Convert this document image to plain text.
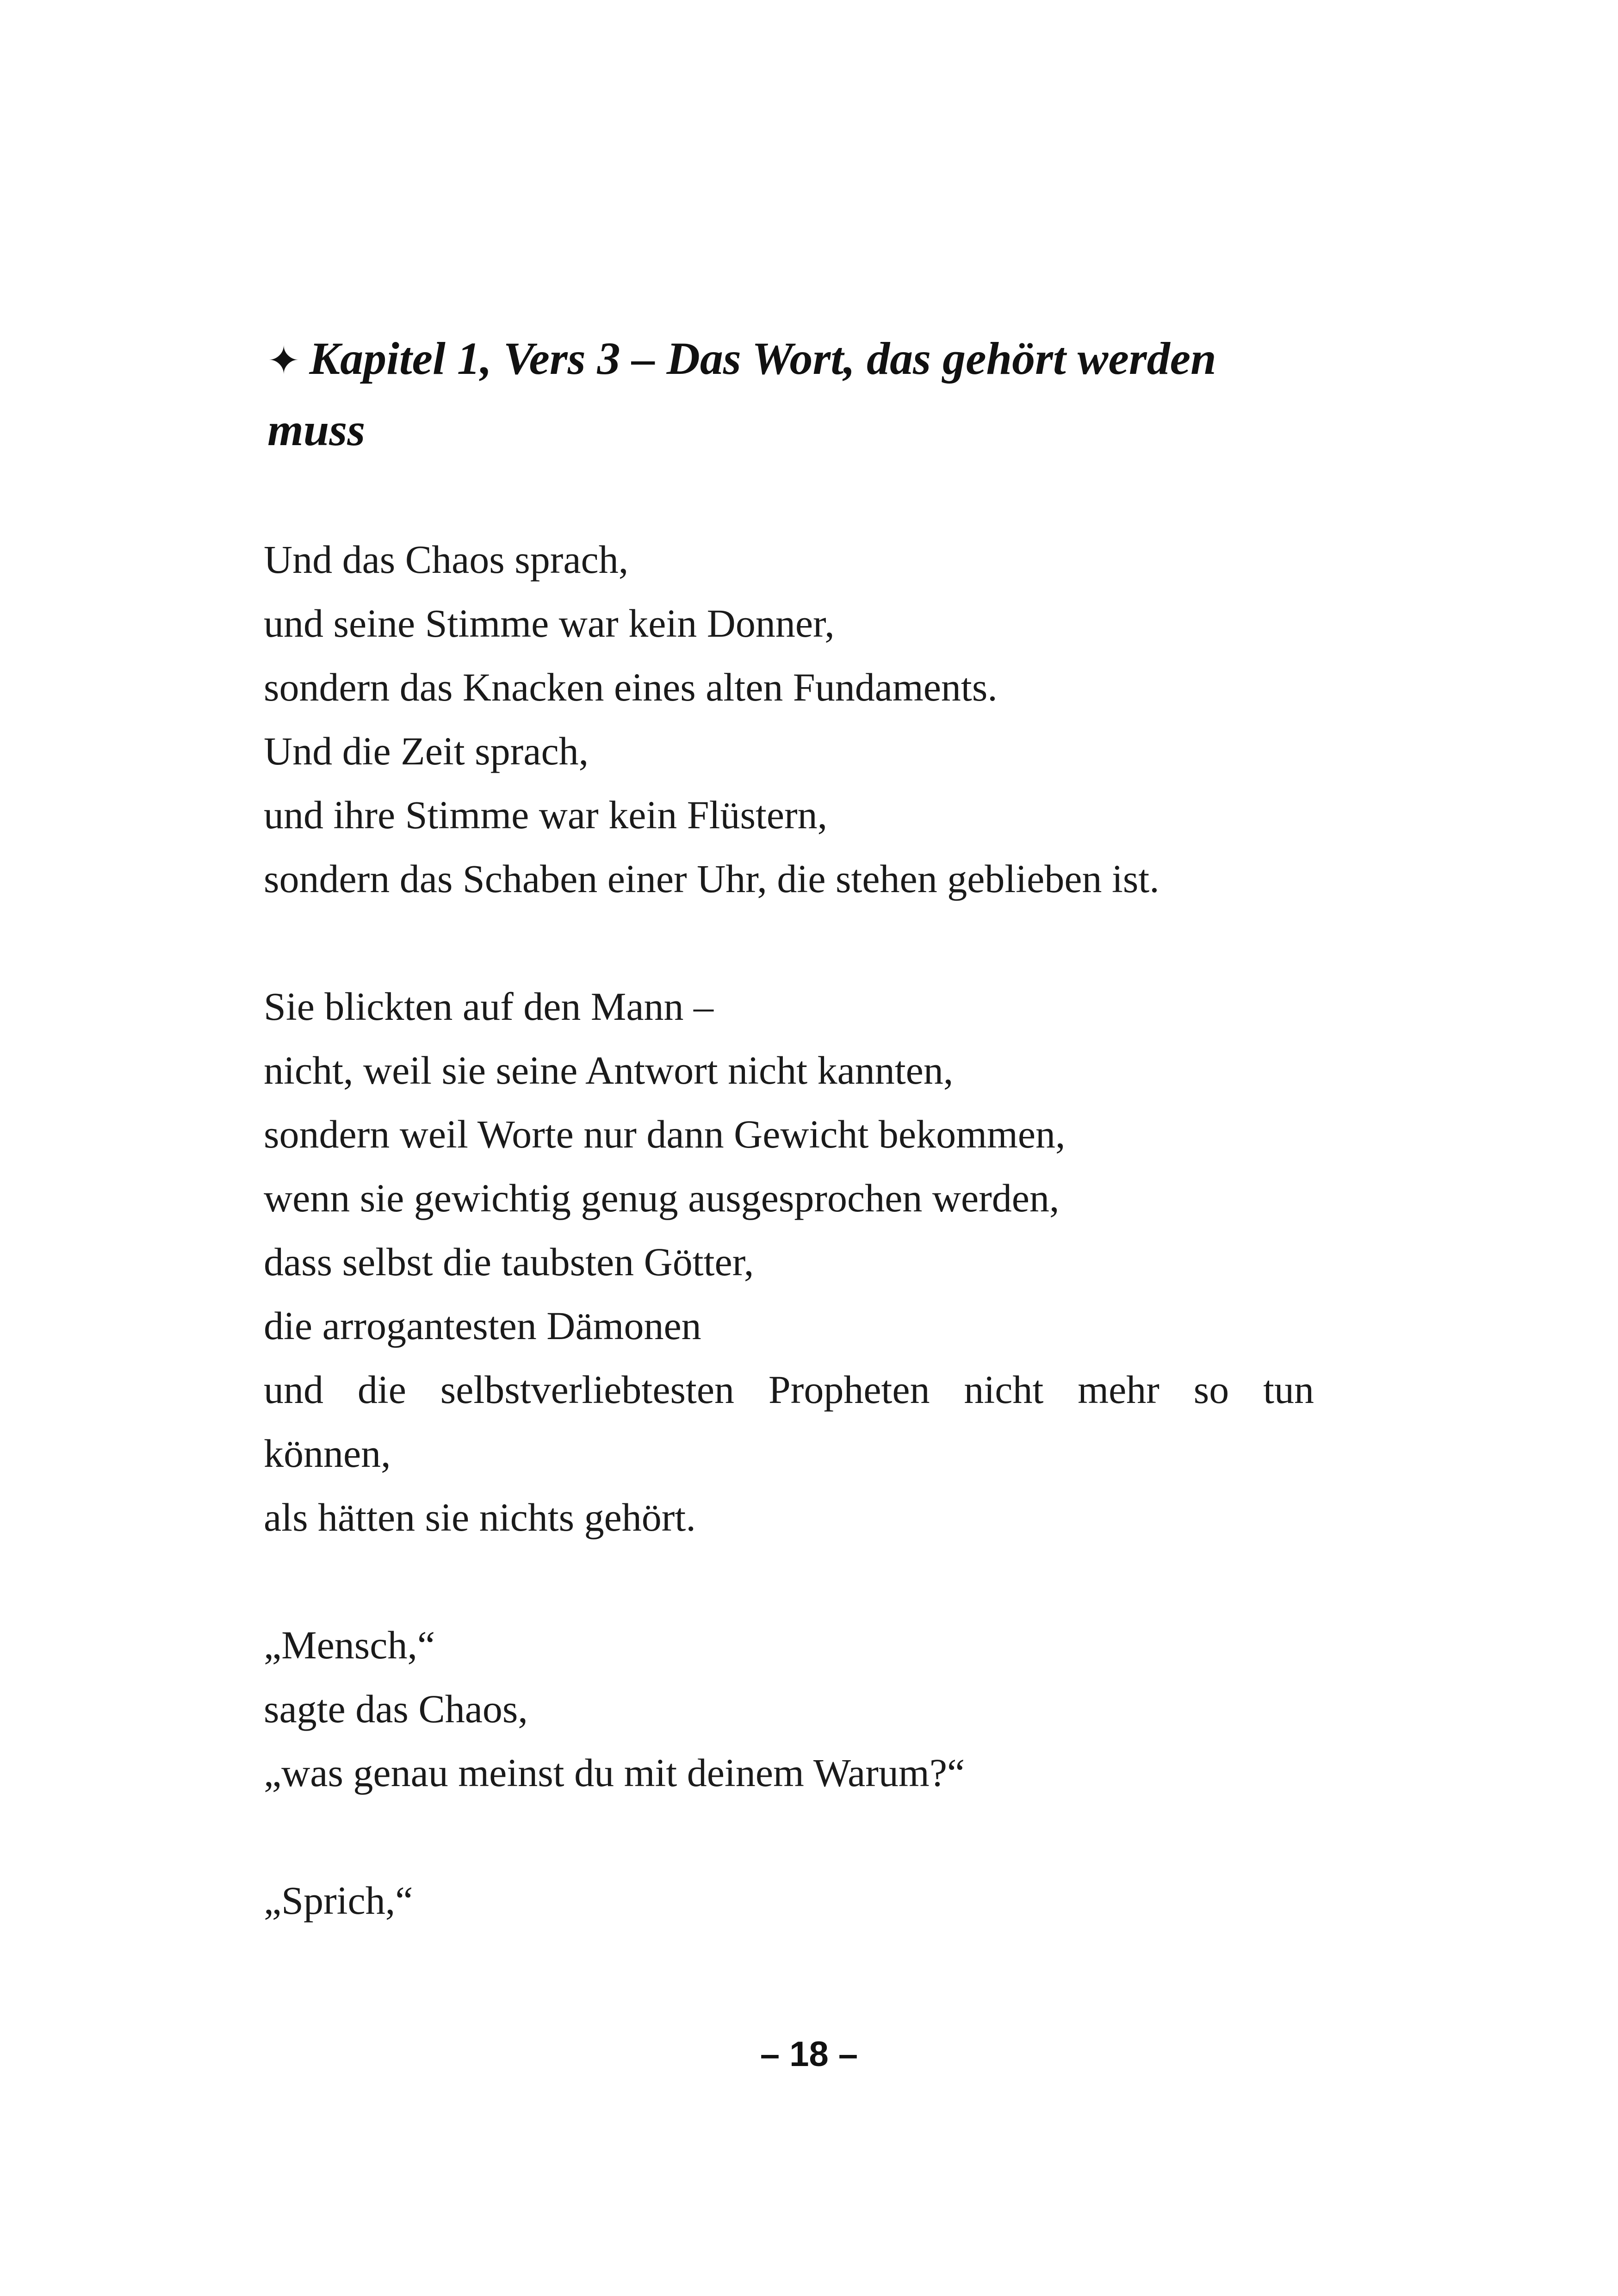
✦ Kapitel 1, Vers 3 – Das Wort, das gehört werden
muss
Und das Chaos sprach,
und seine Stimme war kein Donner,
sondern das Knacken eines alten Fundaments.
Und die Zeit sprach,
und ihre Stimme war kein Flüstern,
sondern das Schaben einer Uhr, die stehen geblieben ist.
Sie blickten auf den Mann –
nicht, weil sie seine Antwort nicht kannten,
sondern weil Worte nur dann Gewicht bekommen,
wenn sie gewichtig genug ausgesprochen werden,
dass selbst die taubsten Götter,
die arrogantesten Dämonen
und die selbstverliebtesten Propheten nicht mehr so tun
können,
als hätten sie nichts gehört.
„Mensch,“
sagte das Chaos,
„was genau meinst du mit deinem Warum?“
„Sprich,“
– 18 –
